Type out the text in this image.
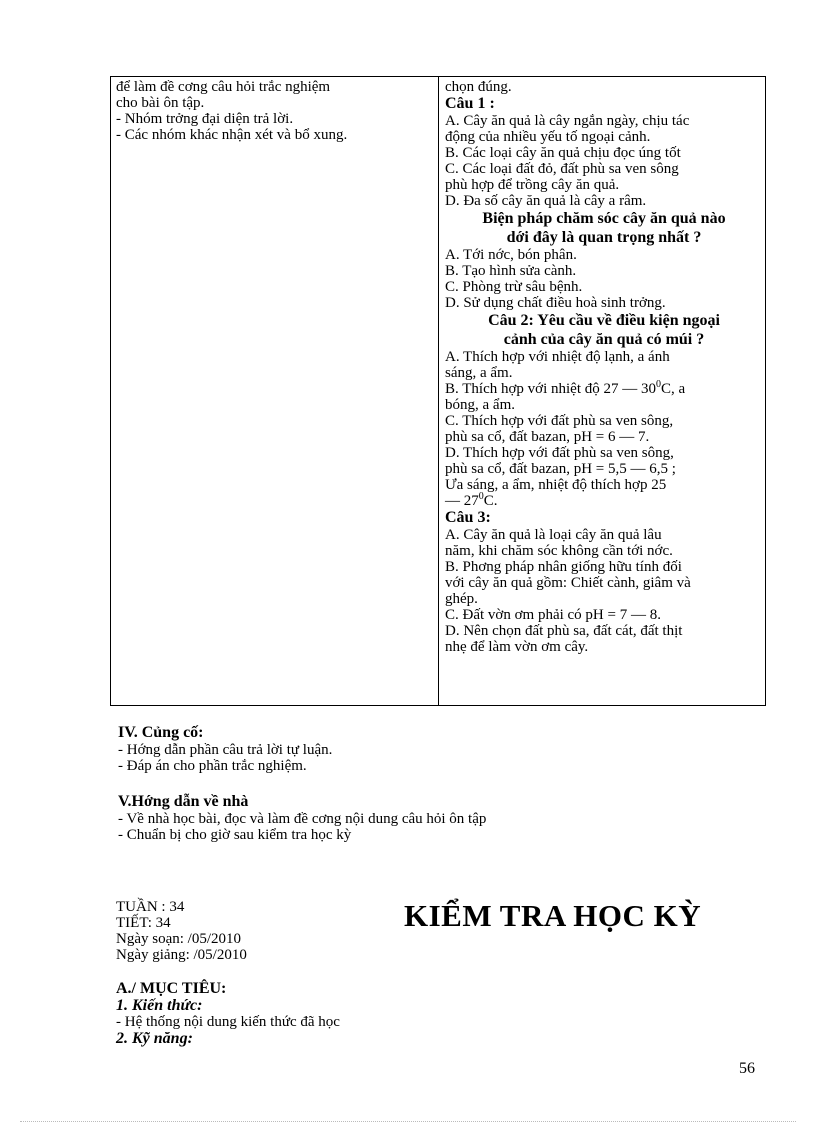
để làm đề cơng câu hỏi trắc nghiệm
cho bài ôn tập.
- Nhóm trởng đại diện trả lời.
- Các nhóm khác nhận xét và bổ xung.
chọn đúng.
Câu 1 :
A. Cây ăn quả là cây ngắn ngày, chịu tác
động của nhiều yếu tố ngoại cảnh.
B. Các loại cây ăn quả chịu đọc úng tốt
C. Các loại đất đỏ, đất phù sa ven sông
phù hợp để trồng cây ăn quả.
D. Đa số cây ăn quả là cây a râm.
Biện pháp chăm sóc cây ăn quả nào
dới đây là quan trọng nhất ?
A. Tới nớc, bón phân.
B. Tạo hình sửa cành.
C. Phòng trừ sâu bệnh.
D. Sử dụng chất điều hoà sinh trởng.
Câu 2: Yêu cầu về điều kiện ngoại
cảnh của cây ăn quả có múi ?
A. Thích hợp với nhiệt độ lạnh, a ánh
sáng, a ẩm.
B. Thích hợp với nhiệt độ 27 — $30^0C$, a
bóng, a ẩm.
C. Thích hợp với đất phù sa ven sông,
phù sa cổ, đất bazan, pH = 6 — 7.
D. Thích hợp với đất phù sa ven sông,
phù sa cổ, đất bazan, pH = 5,5 — 6,5 ;
Ưa sáng, a ẩm, nhiệt độ thích hợp 25
— $27^0C$.
Câu 3:
A. Cây ăn quả là loại cây ăn quả lâu
năm, khi chăm sóc không cần tới nớc.
B. Phơng pháp nhân giống hữu tính đối
với cây ăn quả gồm: Chiết cành, giâm và
ghép.
C. Đất vờn ơm phải có pH = 7 — 8.
D. Nên chọn đất phù sa, đất cát, đất thịt
nhẹ để làm vờn ơm cây.
IV. Củng cố:
- Hớng dẫn phần câu trả lời tự luận.
- Đáp án cho phần trắc nghiệm.
V.Hớng dẫn về nhà
- Về nhà học bài, đọc và làm đề cơng nội dung câu hỏi ôn tập
- Chuẩn bị cho giờ sau kiểm tra học kỳ
TUẦN : 34
TIẾT: 34
Ngày soạn: /05/2010
Ngày giảng: /05/2010
KIỂM TRA HỌC KỲ
A./ MỤC TIÊU:
1. Kiến thức:
- Hệ thống nội dung kiến thức đã học
2. Kỹ năng:
56
